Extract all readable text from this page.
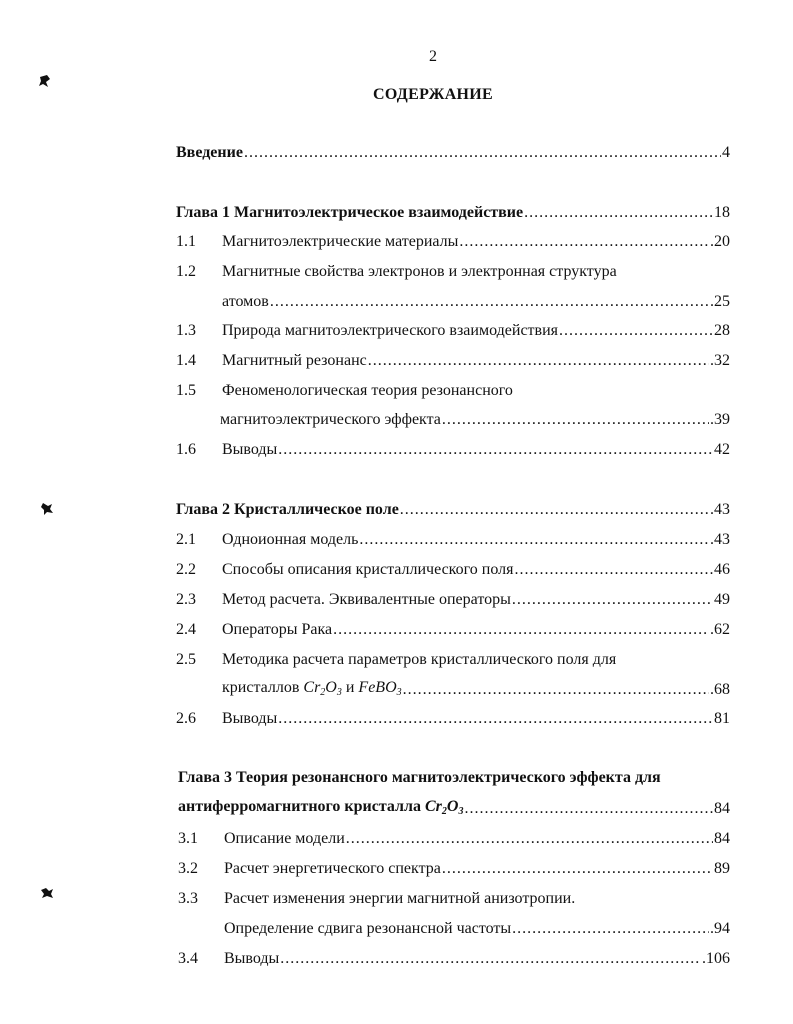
2
СОДЕРЖАНИЕ
Введение .....	4
Глава 1 Магнитоэлектрическое взаимодействие .....	18
1.1	Магнитоэлектрические материалы .....	.20
1.2	Магнитные свойства электронов и электронная структура
атомов .....	.25
1.3	Природа магнитоэлектрического взаимодействия .....	28
1.4	Магнитный резонанс .....	.32
1.5	Феноменологическая теория резонансного
магнитоэлектрического эффекта .....	.39
1.6	Выводы .....	42
Глава 2 Кристаллическое поле .....	.43
2.1	Одноионная модель .....	.43
2.2	Способы описания кристаллического поля .....	46
2.3	Метод расчета. Эквивалентные операторы .....	49
2.4	Операторы Рака .....	.62
2.5	Методика расчета параметров кристаллического поля для
кристаллов $Cr_2O_3$ и FeBO$_3$ .....	.68
2.6	Выводы .....	81
Глава 3 Теория резонансного магнитоэлектрического эффекта для
антиферромагнитного кристалла $Cr_2O_3$ .....	84
3.1	Описание модели .....	84
3.2	Расчет энергетического спектра .....	89
3.3	Расчет изменения энергии магнитной анизотропии.
Определение сдвига резонансной частоты .....	.94
3.4	Выводы .....	.106
